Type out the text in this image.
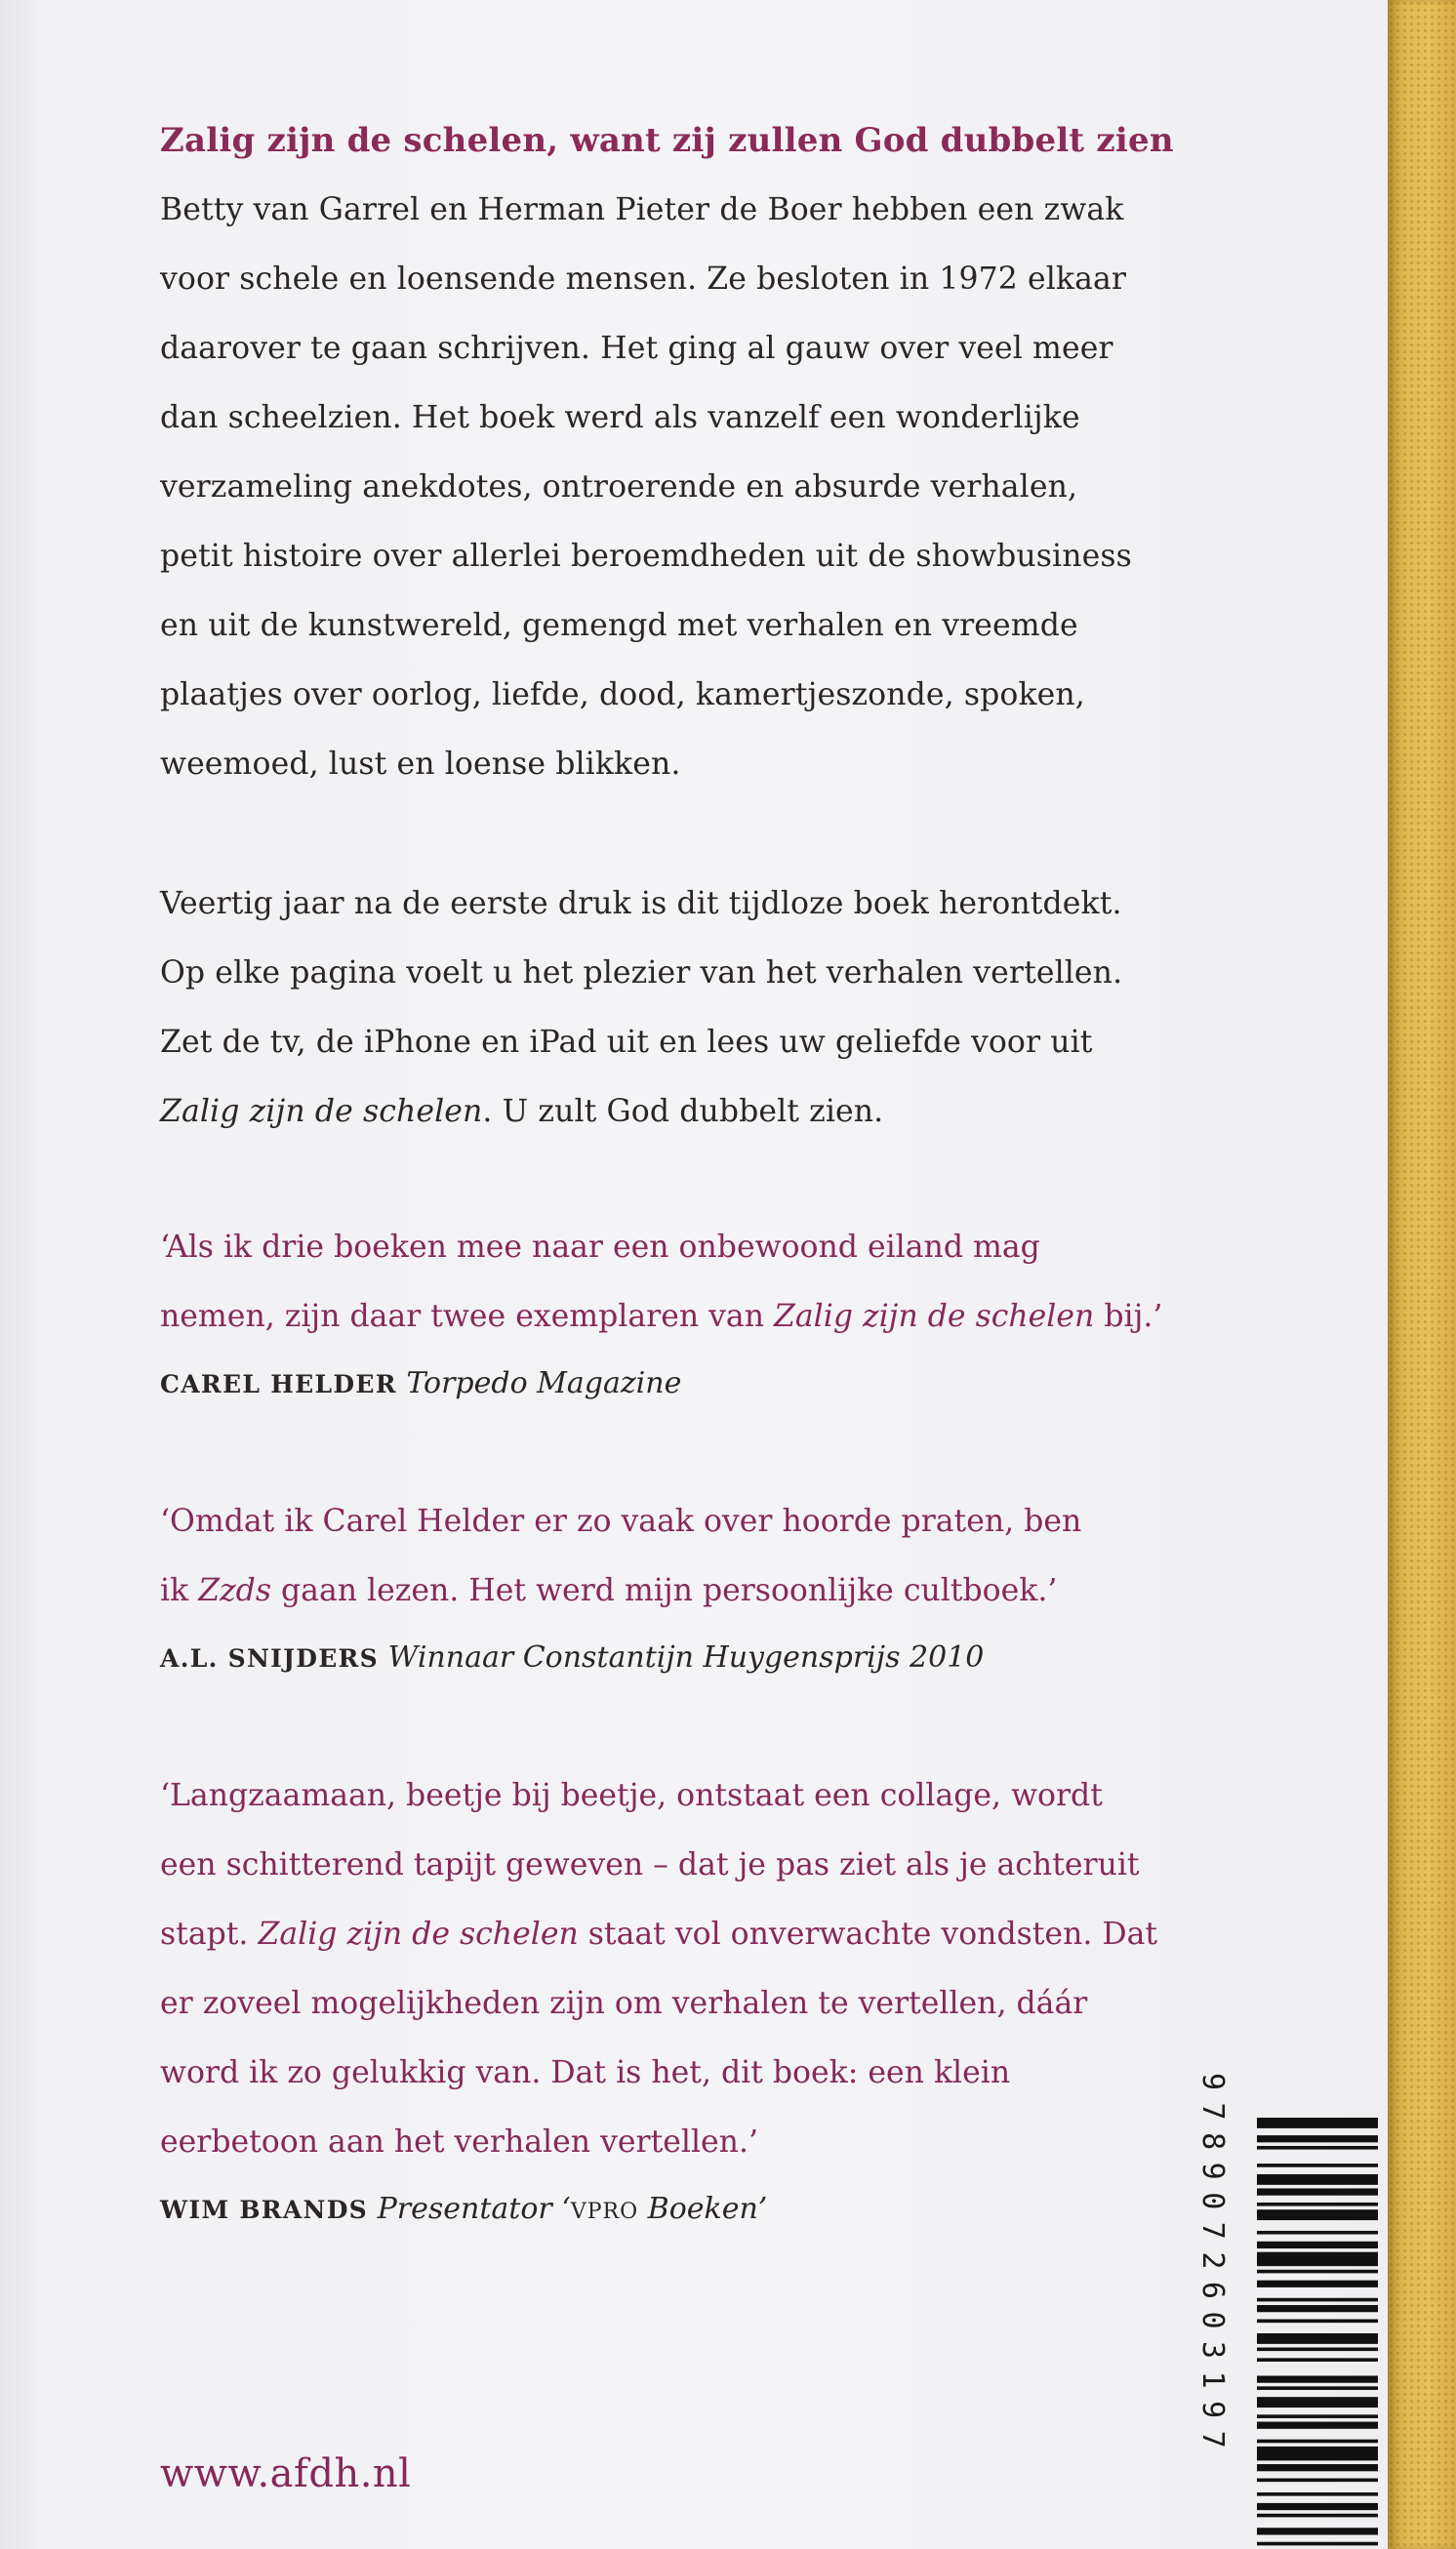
Zalig zijn de schelen, want zij zullen God dubbelt zien

Betty van Garrel en Herman Pieter de Boer hebben een zwak
voor schele en loensende mensen. Ze besloten in 1972 elkaar
daarover te gaan schrijven. Het ging al gauw over veel meer
dan scheelzien. Het boek werd als vanzelf een wonderlijke
verzameling anekdotes, ontroerende en absurde verhalen,
petit histoire over allerlei beroemdheden uit de showbusiness
en uit de kunstwereld, gemengd met verhalen en vreemde
plaatjes over oorlog, liefde, dood, kamertjeszonde, spoken,
weemoed, lust en loense blikken.

Veertig jaar na de eerste druk is dit tijdloze boek herontdekt.
Op elke pagina voelt u het plezier van het verhalen vertellen.
Zet de tv, de iPhone en iPad uit en lees uw geliefde voor uit
Zalig zijn de schelen. U zult God dubbelt zien.

‘Als ik drie boeken mee naar een onbewoond eiland mag
nemen, zijn daar twee exemplaren van Zalig zijn de schelen bij.’

CAREL HELDER Torpedo Magazine

‘Omdat ik Carel Helder er zo vaak over hoorde praten, ben
ik Zzds gaan lezen. Het werd mijn persoonlijke cultboek.’

A.L. SNIJDERS Winnaar Constantijn Huygensprijs 2010

‘Langzaamaan, beetje bij beetje, ontstaat een collage, wordt
een schitterend tapijt geweven – dat je pas ziet als je achteruit
stapt. Zalig zijn de schelen staat vol onverwachte vondsten. Dat
er zoveel mogelijkheden zijn om verhalen te vertellen, dáár
word ik zo gelukkig van. Dat is het, dit boek: een klein
eerbetoon aan het verhalen vertellen.’

WIM BRANDS Presentator ‘VPRO Boeken’

www.afdh.nl
9789072603197
